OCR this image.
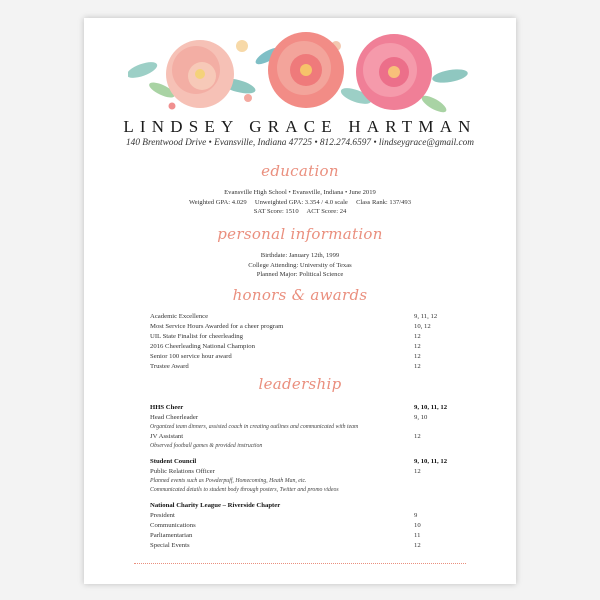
LINDSEY GRACE HARTMAN
140 Brentwood Drive • Evansville, Indiana 47725 • 812.274.6597 • lindseygrace@gmail.com
education
Evansville High School • Evansville, Indiana • June 2019
Weighted GPA: 4.029     Unweighted GPA: 3.354 / 4.0 scale     Class Rank: 137/493
SAT Score: 1510     ACT Score: 24
personal information
Birthdate: January 12th, 1999
College Attending: University of Texas
Planned Major: Political Science
honors & awards
Academic Excellence	9, 11, 12
Most Service Hours Awarded for a cheer program	10, 12
UIL State Finalist for cheerleading	12
2016 Cheerleading National Champion	12
Senior 100 service hour award	12
Trustee Award	12
leadership
HHS Cheer	9, 10, 11, 12
Head Cheerleader	9, 10
Organized team dinners, assisted coach in creating outlines and communicated with team
JV Assistant	12
Observed football games & provided instruction
Student Council	9, 10, 11, 12
Public Relations Officer	12
Planned events such as Powderpuff, Homecoming, Heath Man, etc.
Communicated details to student body through posters, Twitter and promo videos
National Charity League – Riverside Chapter
President	9
Communications	10
Parliamentarian	11
Special Events	12
